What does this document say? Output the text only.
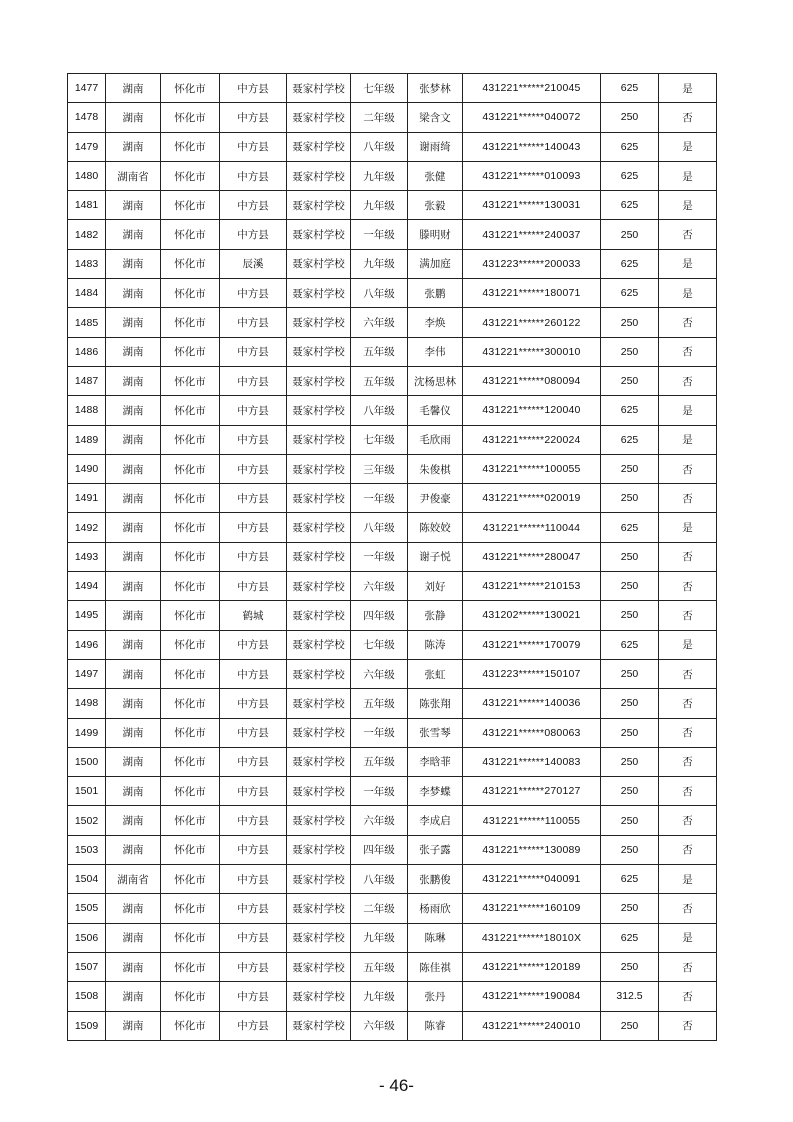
1477	湖南	怀化市	中方县	聂家村学校	七年级	张梦林	431221******210045	625	是
1478	湖南	怀化市	中方县	聂家村学校	二年级	梁含文	431221******040072	250	否
1479	湖南	怀化市	中方县	聂家村学校	八年级	谢雨绮	431221******140043	625	是
1480	湖南省	怀化市	中方县	聂家村学校	九年级	张健	431221******010093	625	是
1481	湖南	怀化市	中方县	聂家村学校	九年级	张毅	431221******130031	625	是
1482	湖南	怀化市	中方县	聂家村学校	一年级	滕明财	431221******240037	250	否
1483	湖南	怀化市	辰溪	聂家村学校	九年级	满加庭	431223******200033	625	是
1484	湖南	怀化市	中方县	聂家村学校	八年级	张鹏	431221******180071	625	是
1485	湖南	怀化市	中方县	聂家村学校	六年级	李焕	431221******260122	250	否
1486	湖南	怀化市	中方县	聂家村学校	五年级	李伟	431221******300010	250	否
1487	湖南	怀化市	中方县	聂家村学校	五年级	沈杨思林	431221******080094	250	否
1488	湖南	怀化市	中方县	聂家村学校	八年级	毛馨仪	431221******120040	625	是
1489	湖南	怀化市	中方县	聂家村学校	七年级	毛欣雨	431221******220024	625	是
1490	湖南	怀化市	中方县	聂家村学校	三年级	朱俊棋	431221******100055	250	否
1491	湖南	怀化市	中方县	聂家村学校	一年级	尹俊豪	431221******020019	250	否
1492	湖南	怀化市	中方县	聂家村学校	八年级	陈姣姣	431221******110044	625	是
1493	湖南	怀化市	中方县	聂家村学校	一年级	谢子悦	431221******280047	250	否
1494	湖南	怀化市	中方县	聂家村学校	六年级	刘好	431221******210153	250	否
1495	湖南	怀化市	鹤城	聂家村学校	四年级	张静	431202******130021	250	否
1496	湖南	怀化市	中方县	聂家村学校	七年级	陈涛	431221******170079	625	是
1497	湖南	怀化市	中方县	聂家村学校	六年级	张虹	431223******150107	250	否
1498	湖南	怀化市	中方县	聂家村学校	五年级	陈张翔	431221******140036	250	否
1499	湖南	怀化市	中方县	聂家村学校	一年级	张雪琴	431221******080063	250	否
1500	湖南	怀化市	中方县	聂家村学校	五年级	李晗菲	431221******140083	250	否
1501	湖南	怀化市	中方县	聂家村学校	一年级	李梦蝶	431221******270127	250	否
1502	湖南	怀化市	中方县	聂家村学校	六年级	李成启	431221******110055	250	否
1503	湖南	怀化市	中方县	聂家村学校	四年级	张子露	431221******130089	250	否
1504	湖南省	怀化市	中方县	聂家村学校	八年级	张鹏俊	431221******040091	625	是
1505	湖南	怀化市	中方县	聂家村学校	二年级	杨雨欣	431221******160109	250	否
1506	湖南	怀化市	中方县	聂家村学校	九年级	陈琳	431221******18010X	625	是
1507	湖南	怀化市	中方县	聂家村学校	五年级	陈佳祺	431221******120189	250	否
1508	湖南	怀化市	中方县	聂家村学校	九年级	张丹	431221******190084	312.5	否
1509	湖南	怀化市	中方县	聂家村学校	六年级	陈睿	431221******240010	250	否
- 46-
